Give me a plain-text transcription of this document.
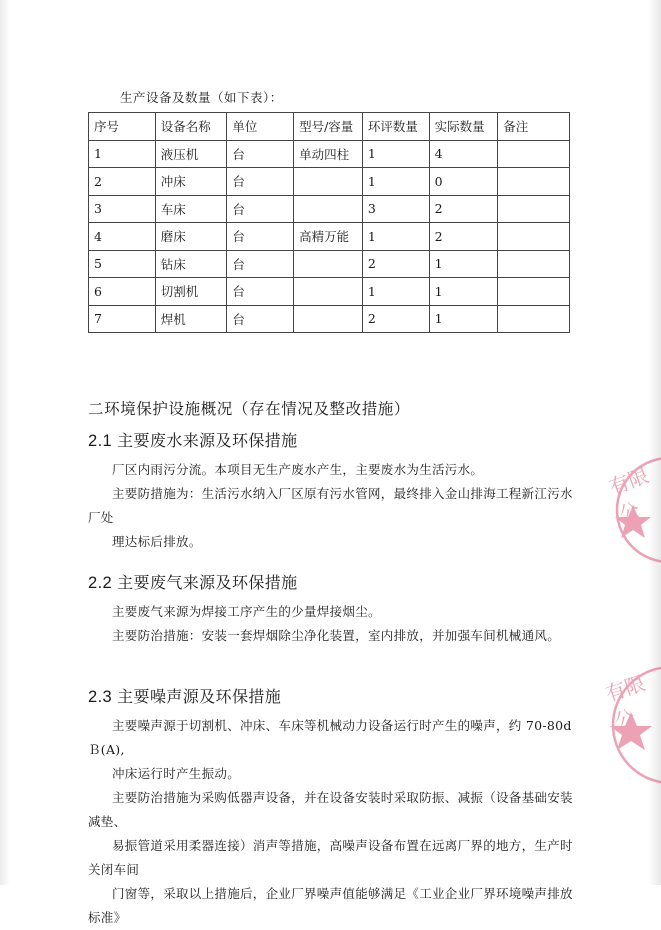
生产设备及数量（如下表）：
序号	设备名称	单位	型号/容量	环评数量	实际数量	备注
1	液压机	台	单动四柱	1	4	
2	冲床	台		1	0	
3	车床	台		3	2	
4	磨床	台	高精万能	1	2	
5	钻床	台		2	1	
6	切割机	台		1	1	
7	焊机	台		2	1	
二环境保护设施概况（存在情况及整改措施）
2.1 主要废水来源及环保措施

厂区内雨污分流。本项目无生产废水产生，主要废水为生活污水。

主要防措施为：生活污水纳入厂区原有污水管网，最终排入金山排海工程新江污水厂处

理达标后排放。

2.2 主要废气来源及环保措施

主要废气来源为焊接工序产生的少量焊接烟尘。

主要防治措施：安装一套焊烟除尘净化装置，室内排放，并加强车间机械通风。

2.3 主要噪声源及环保措施

主要噪声源于切割机、冲床、车床等机械动力设备运行时产生的噪声，约 70-80dＢ(A),

冲床运行时产生振动。

主要防治措施为采购低器声设备，并在设备安装时采取防振、减振（设备基础安装减垫、

易振管道采用柔器连接）消声等措施，高噪声设备布置在远离厂界的地方，生产时关闭车间

门窗等，采取以上措施后，企业厂界噪声值能够满足《工业企业厂界环境噪声排放标准》

有限公
有限公
